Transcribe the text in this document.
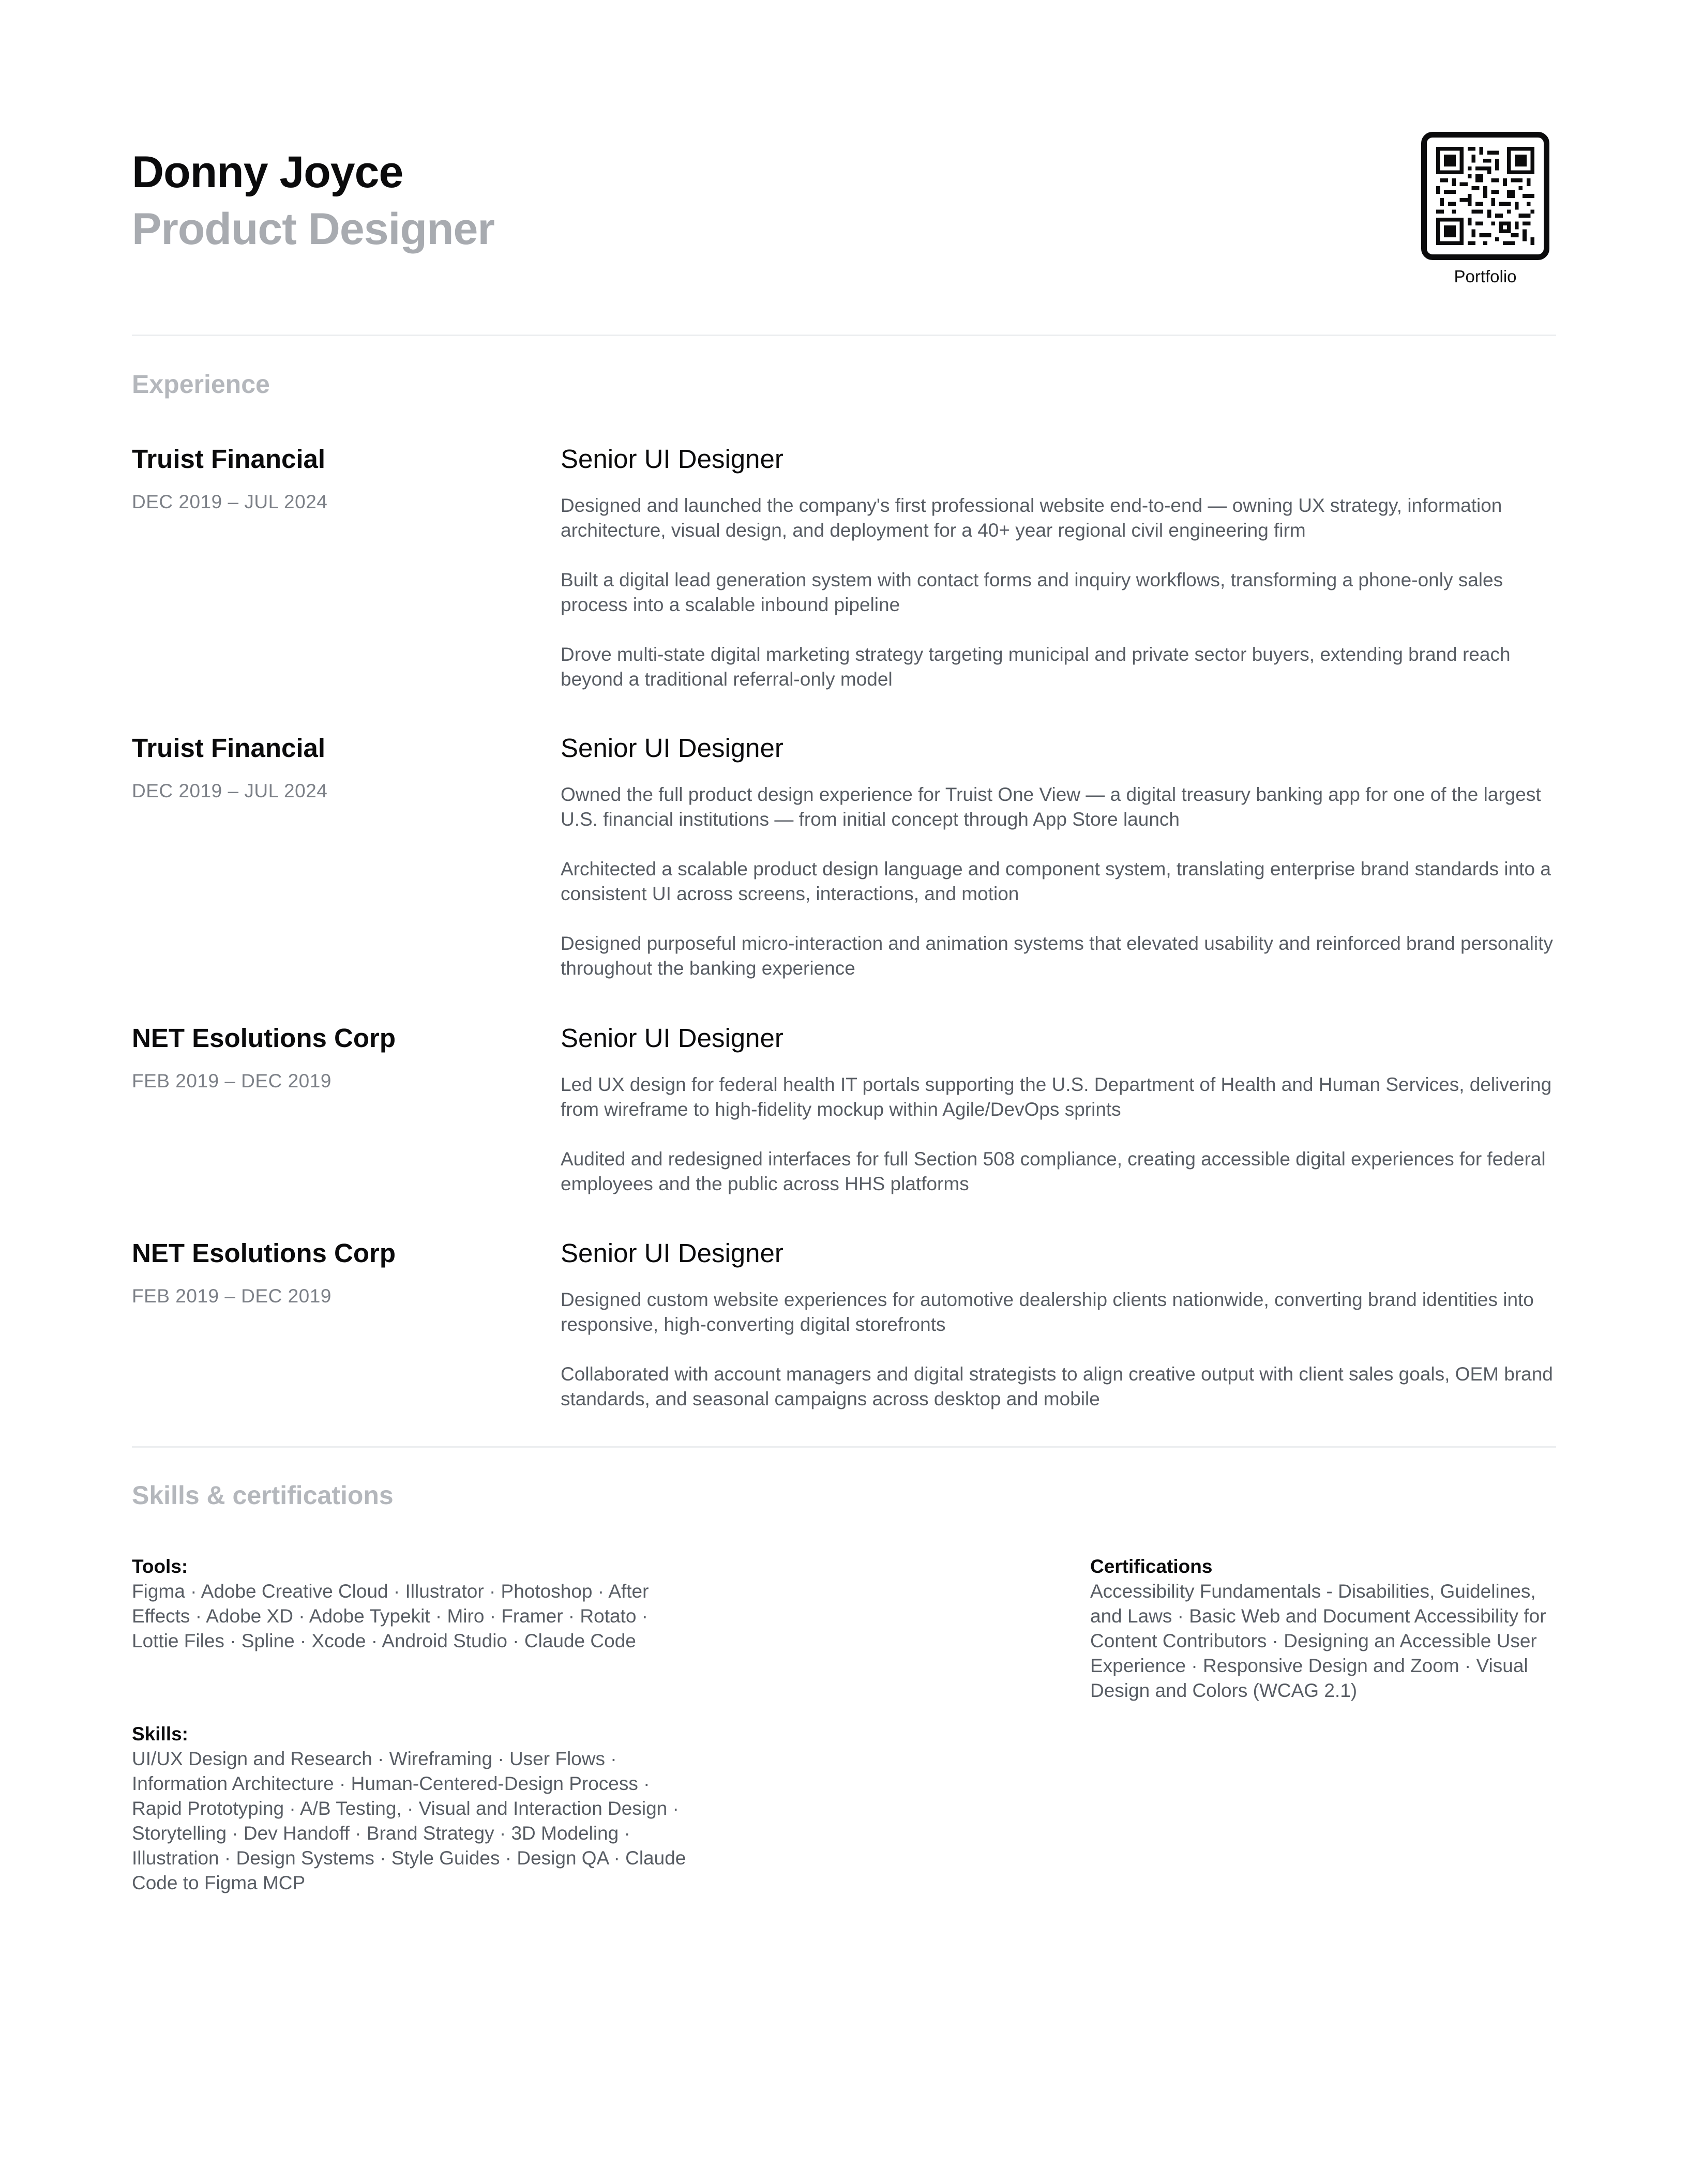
Donny Joyce
Product Designer
Portfolio
Experience
Truist Financial
DEC 2019 – JUL 2024
Senior UI Designer

Designed and launched the company's first professional website end-to-end — owning UX strategy, information architecture, visual design, and deployment for a 40+ year regional civil engineering firm

Built a digital lead generation system with contact forms and inquiry workflows, transforming a phone-only sales process into a scalable inbound pipeline

Drove multi-state digital marketing strategy targeting municipal and private sector buyers, extending brand reach beyond a traditional referral-only model

Truist Financial
DEC 2019 – JUL 2024
Senior UI Designer

Owned the full product design experience for Truist One View — a digital treasury banking app for one of the largest U.S. financial institutions — from initial concept through App Store launch

Architected a scalable product design language and component system, translating enterprise brand standards into a consistent UI across screens, interactions, and motion

Designed purposeful micro-interaction and animation systems that elevated usability and reinforced brand personality throughout the banking experience

NET Esolutions Corp
FEB 2019 – DEC 2019
Senior UI Designer

Led UX design for federal health IT portals supporting the U.S. Department of Health and Human Services, delivering from wireframe to high-fidelity mockup within Agile/DevOps sprints

Audited and redesigned interfaces for full Section 508 compliance, creating accessible digital experiences for federal employees and the public across HHS platforms

NET Esolutions Corp
FEB 2019 – DEC 2019
Senior UI Designer

Designed custom website experiences for automotive dealership clients nationwide, converting brand identities into responsive, high-converting digital storefronts

Collaborated with account managers and digital strategists to align creative output with client sales goals, OEM brand standards, and seasonal campaigns across desktop and mobile

Skills & certifications
Tools:
Figma · Adobe Creative Cloud · Illustrator · Photoshop · After Effects · Adobe XD · Adobe Typekit · Miro · Framer · Rotato · Lottie Files · Spline · Xcode · Android Studio · Claude Code
Skills:
UI/UX Design and Research · Wireframing · User Flows · Information Architecture · Human-Centered-Design Process · Rapid Prototyping · A/B Testing, · Visual and Interaction Design · Storytelling · Dev Handoff · Brand Strategy · 3D Modeling · Illustration · Design Systems · Style Guides · Design QA · Claude Code to Figma MCP
Certifications
Accessibility Fundamentals - Disabilities, Guidelines, and Laws · Basic Web and Document Accessibility for Content Contributors · Designing an Accessible User Experience · Responsive Design and Zoom · Visual Design and Colors (WCAG 2.1)
